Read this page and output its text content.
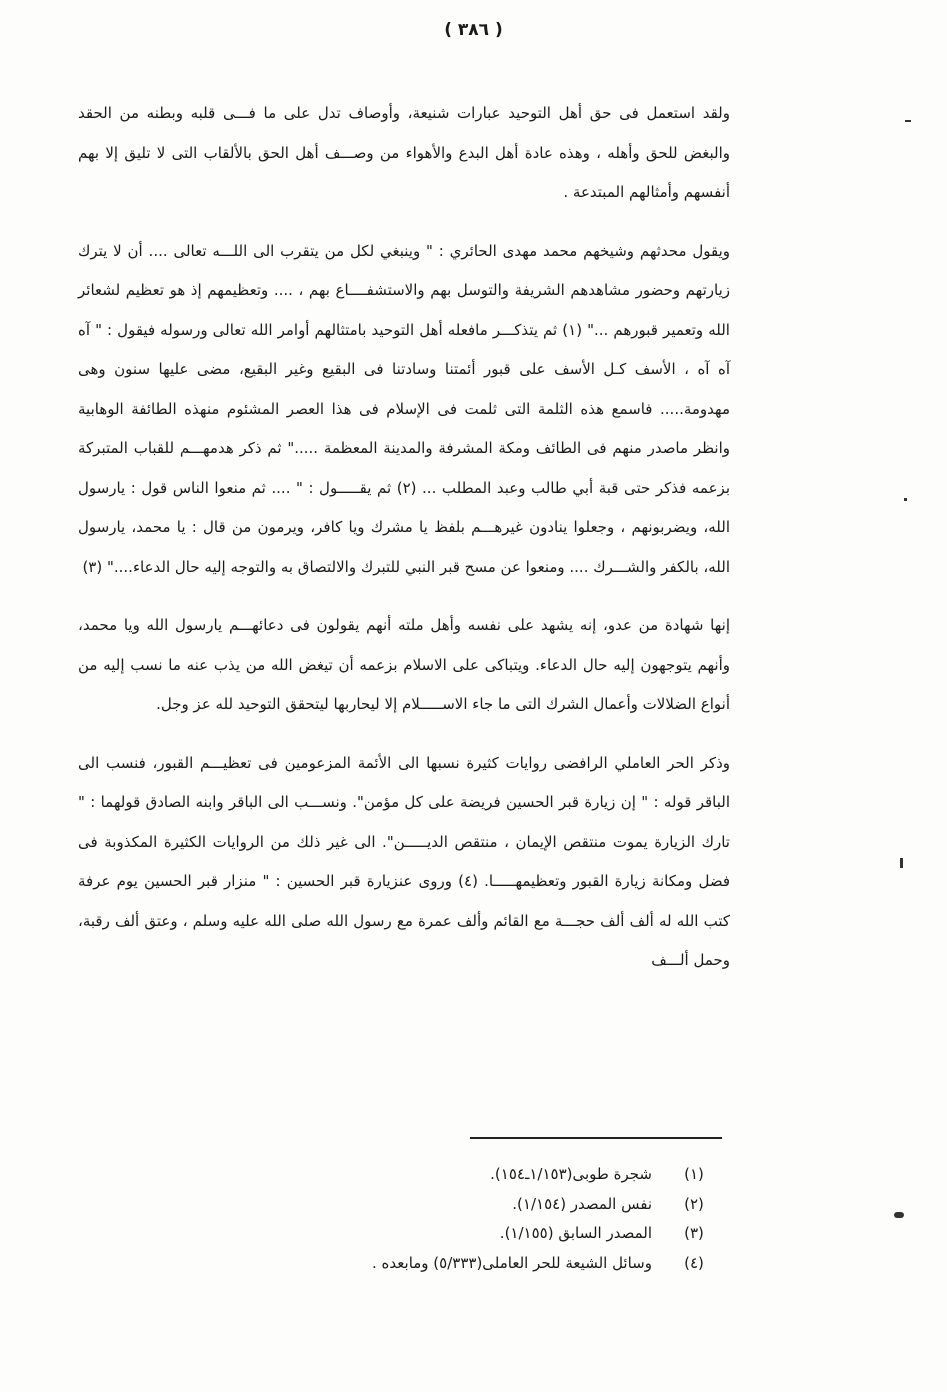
( ٣٨٦ )

ولقد استعمل فى حق أهل التوحيد عبارات شنيعة، وأوصاف تدل على ما فـــى قلبه وبطنه من الحقد والبغض للحق وأهله ، وهذه عادة أهل البدع والأهواء من وصـــف أهل الحق بالألقاب التى لا تليق إلا بهم أنفسهم وأمثالهم المبتدعة .

ويقول محدثهم وشيخهم محمد مهدى الحائري : " وينبغي لكل من يتقرب الى اللـــه تعالى .... أن لا يترك زيارتهم وحضور مشاهدهم الشريفة والتوسل بهم والاستشفــــاع بهم ، .... وتعظيمهم إذ هو تعظيم لشعائر الله وتعمير قبورهم ..." (١) ثم يتذكـــر مافعله أهل التوحيد بامتثالهم أوامر الله تعالى ورسوله فيقول : " آه آه آه ، الأسف كـل الأسف على قبور أئمتنا وسادتنا فى البقيع وغير البقيع، مضى عليها سنون وهى مهدومة..... فاسمع هذه الثلمة التى ثلمت فى الإسلام فى هذا العصر المشئوم منهذه الطائفة الوهابية وانظر ماصدر منهم فى الطائف ومكة المشرفة والمدينة المعظمة ....." ثم ذكر هدمهـــم للقباب المتبركة بزعمه فذكر حتى قبة أبي طالب وعبد المطلب ... (٢) ثم يقـــــول : " .... ثم منعوا الناس قول : يارسول الله، ويضربونهم ، وجعلوا ينادون غيرهـــم بلفظ يا مشرك ويا كافر، ويرمون من قال : يا محمد، يارسول الله، بالكفر والشـــرك .... ومنعوا عن مسح قبر النبي للتبرك والالتصاق به والتوجه إليه حال الدعاء...." (٣)

إنها شهادة من عدو، إنه يشهد على نفسه وأهل ملته أنهم يقولون فى دعائهـــم يارسول الله ويا محمد، وأنهم يتوجهون إليه حال الدعاء. ويتباكى على الاسلام بزعمه أن تيغض الله من يذب عنه ما نسب إليه من أنواع الضلالات وأعمال الشرك التى ما جاء الاســـــلام إلا ليحاربها ليتحقق التوحيد لله عز وجل.

وذكر الحر العاملي الرافضى روايات كثيرة نسبها الى الأئمة المزعومين فى تعظيـــم القبور، فنسب الى الباقر قوله : " إن زيارة قبر الحسين فريضة على كل مؤمن". ونســـب الى الباقر وابنه الصادق قولهما : " تارك الزيارة يموت منتقص الإيمان ، منتقص الديـــــن". الى غير ذلك من الروايات الكثيرة المكذوبة فى فضل ومكانة زيارة القبور وتعظيمهـــــا. (٤) وروى عنزيارة قبر الحسين : " منزار قبر الحسين يوم عرفة كتب الله له ألف ألف حجـــة مع القائم وألف عمرة مع رسول الله صلى الله عليه وسلم ، وعتق ألف رقبة، وحمل ألـــف

(١)
شجرة طوبى(١/١٥٣ـ١٥٤).
(٢)
نفس المصدر (١/١٥٤).
(٣)
المصدر السابق (١/١٥٥).
(٤)
وسائل الشيعة للحر العاملى(٥/٣٣٣) ومابعده .
